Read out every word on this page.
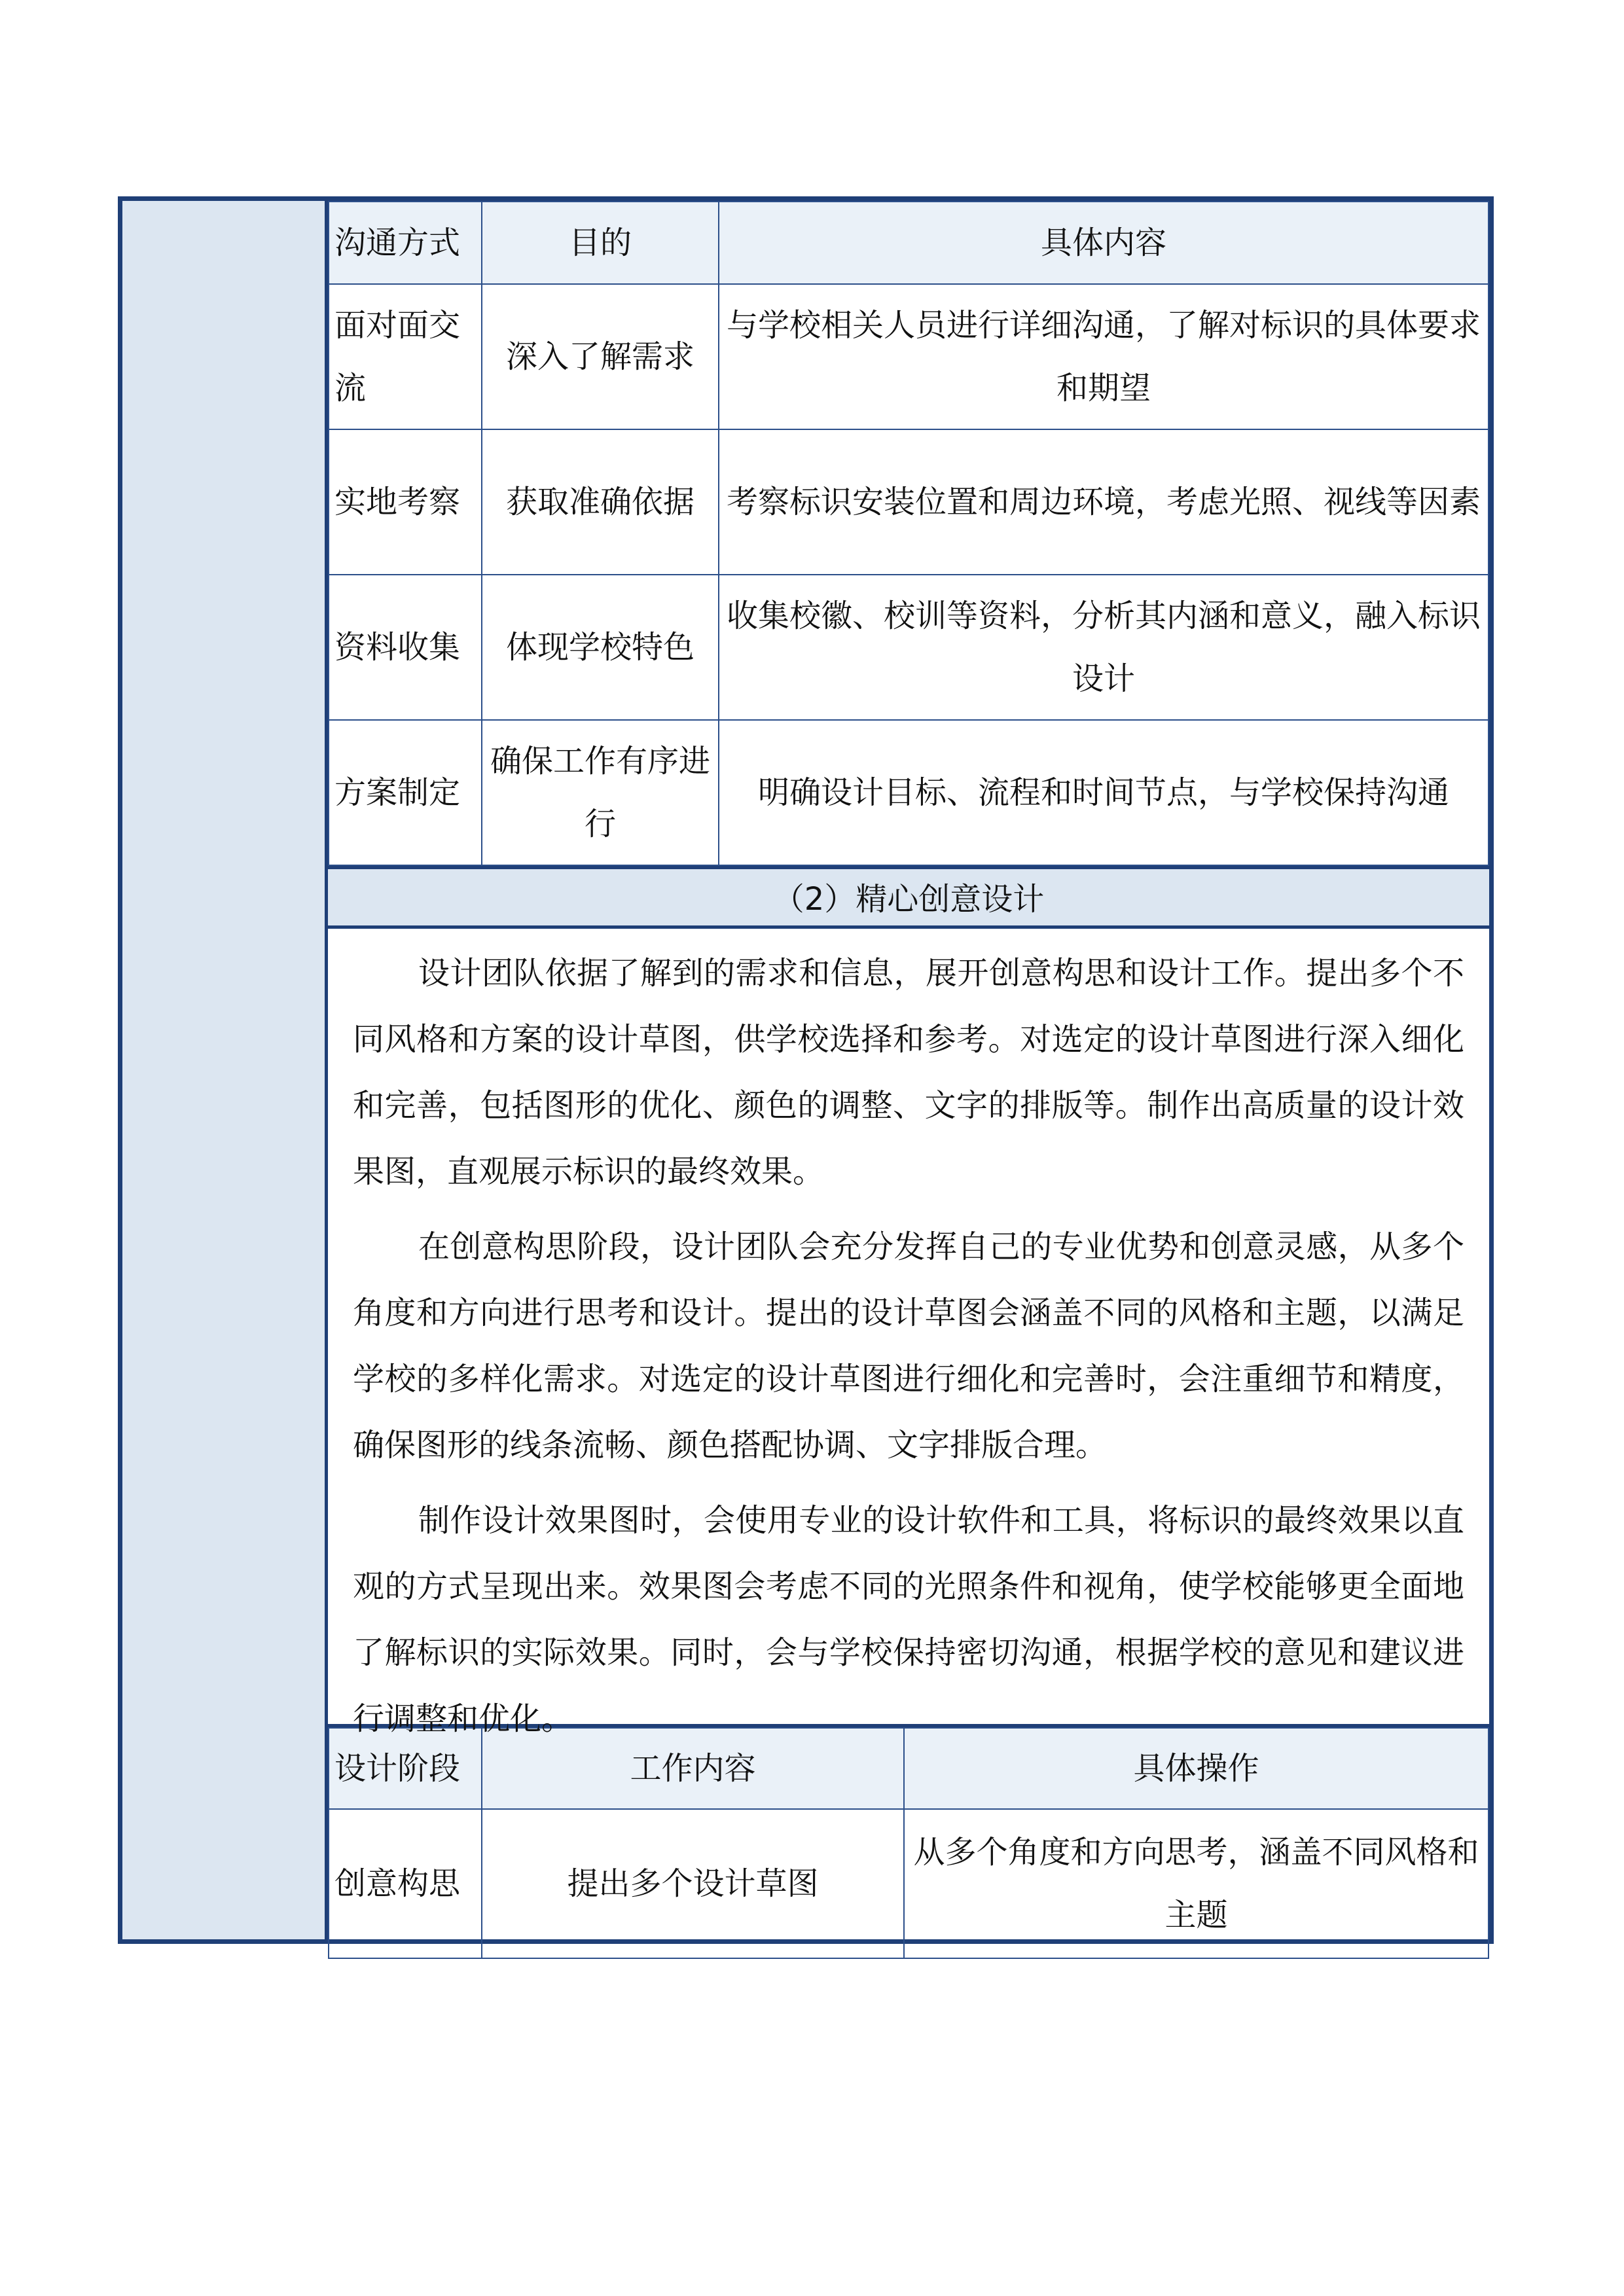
沟通方式	目的	具体内容
面对面交流	深入了解需求	与学校相关人员进行详细沟通，了解对标识的具体要求和期望
实地考察	获取准确依据	考察标识安装位置和周边环境，考虑光照、视线等因素
资料收集	体现学校特色	收集校徽、校训等资料，分析其内涵和意义，融入标识设计
方案制定	确保工作有序进行	明确设计目标、流程和时间节点，与学校保持沟通
（2）精心创意设计

设计团队依据了解到的需求和信息，展开创意构思和设计工作。提出多个不同风格和方案的设计草图，供学校选择和参考。对选定的设计草图进行深入细化和完善，包括图形的优化、颜色的调整、文字的排版等。制作出高质量的设计效果图，直观展示标识的最终效果。

在创意构思阶段，设计团队会充分发挥自己的专业优势和创意灵感，从多个角度和方向进行思考和设计。提出的设计草图会涵盖不同的风格和主题，以满足学校的多样化需求。对选定的设计草图进行细化和完善时，会注重细节和精度，确保图形的线条流畅、颜色搭配协调、文字排版合理。

制作设计效果图时，会使用专业的设计软件和工具，将标识的最终效果以直观的方式呈现出来。效果图会考虑不同的光照条件和视角，使学校能够更全面地了解标识的实际效果。同时，会与学校保持密切沟通，根据学校的意见和建议进行调整和优化。

设计阶段	工作内容	具体操作
创意构思	提出多个设计草图	从多个角度和方向思考，涵盖不同风格和主题
